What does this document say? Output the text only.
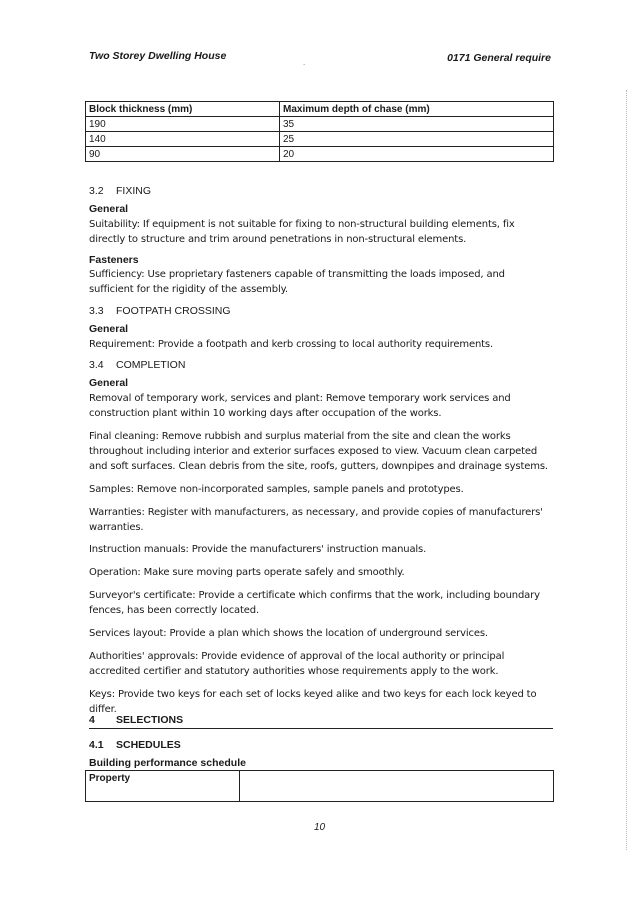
Two Storey Dwelling House
.	0171 General require
Block thickness (mm)	Maximum depth of chase (mm)
190	35
140	25
90	20
3.2 FIXING
General
Suitability: If equipment is not suitable for fixing to non-structural building elements, fix directly to structure and trim around penetrations in non-structural elements.
Fasteners
Sufficiency: Use proprietary fasteners capable of transmitting the loads imposed, and sufficient for the rigidity of the assembly.
3.3 FOOTPATH CROSSING
General
Requirement: Provide a footpath and kerb crossing to local authority requirements.
3.4 COMPLETION
General
Removal of temporary work, services and plant: Remove temporary work services and construction plant within 10 working days after occupation of the works.
Final cleaning: Remove rubbish and surplus material from the site and clean the works throughout including interior and exterior surfaces exposed to view. Vacuum clean carpeted and soft surfaces. Clean debris from the site, roofs, gutters, downpipes and drainage systems.
Samples: Remove non-incorporated samples, sample panels and prototypes.
Warranties: Register with manufacturers, as necessary, and provide copies of manufacturers' warranties.
Instruction manuals: Provide the manufacturers' instruction manuals.
Operation: Make sure moving parts operate safely and smoothly.
Surveyor's certificate: Provide a certificate which confirms that the work, including boundary fences, has been correctly located.
Services layout: Provide a plan which shows the location of underground services.
Authorities' approvals: Provide evidence of approval of the local authority or principal accredited certifier and statutory authorities whose requirements apply to the work.
Keys: Provide two keys for each set of locks keyed alike and two keys for each lock keyed to differ.
4 SELECTIONS
4.1 SCHEDULES
Building performance schedule
Property	
10
